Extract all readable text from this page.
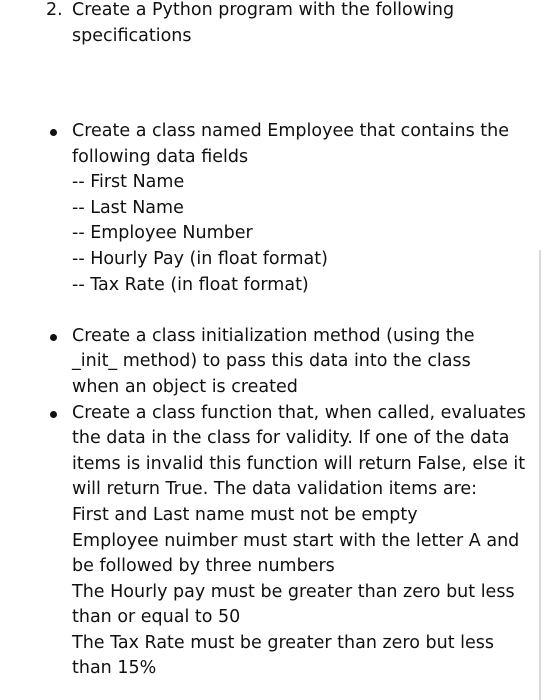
2. Create a Python program with the following
specifications
Create a class named Employee that contains the
following data fields
-- First Name
-- Last Name
-- Employee Number
-- Hourly Pay (in float format)
-- Tax Rate (in float format)
Create a class initialization method (using the
_init_ method) to pass this data into the class
when an object is created
Create a class function that, when called, evaluates
the data in the class for validity. If one of the data
items is invalid this function will return False, else it
will return True. The data validation items are:
First and Last name must not be empty
Employee nuimber must start with the letter A and
be followed by three numbers
The Hourly pay must be greater than zero but less
than or equal to 50
The Tax Rate must be greater than zero but less
than 15%
